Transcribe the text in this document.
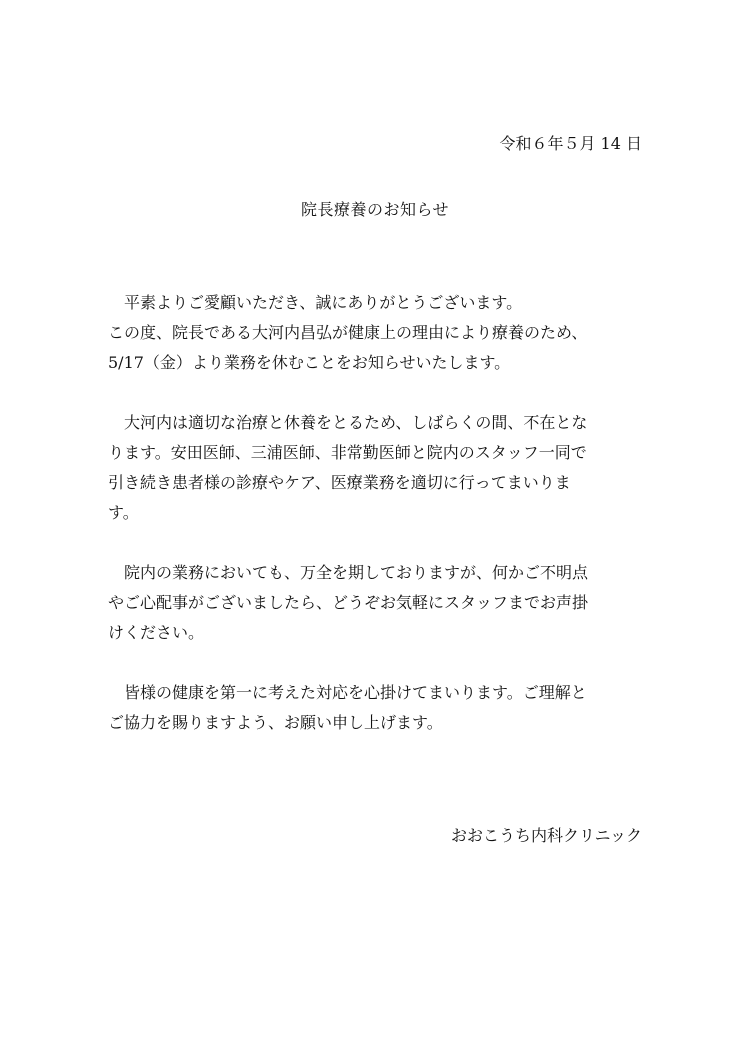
令和６年５月 14 日
院長療養のお知らせ

平素よりご愛顧いただき、誠にありがとうございます。
この度、院長である大河内昌弘が健康上の理由により療養のため、
5/17（金）より業務を休むことをお知らせいたします。

大河内は適切な治療と休養をとるため、しばらくの間、不在とな
ります。安田医師、三浦医師、非常勤医師と院内のスタッフ一同で
引き続き患者様の診療やケア、医療業務を適切に行ってまいりま
す。

院内の業務においても、万全を期しておりますが、何かご不明点
やご心配事がございましたら、どうぞお気軽にスタッフまでお声掛
けください。

皆様の健康を第一に考えた対応を心掛けてまいります。ご理解と
ご協力を賜りますよう、お願い申し上げます。

おおこうち内科クリニック
